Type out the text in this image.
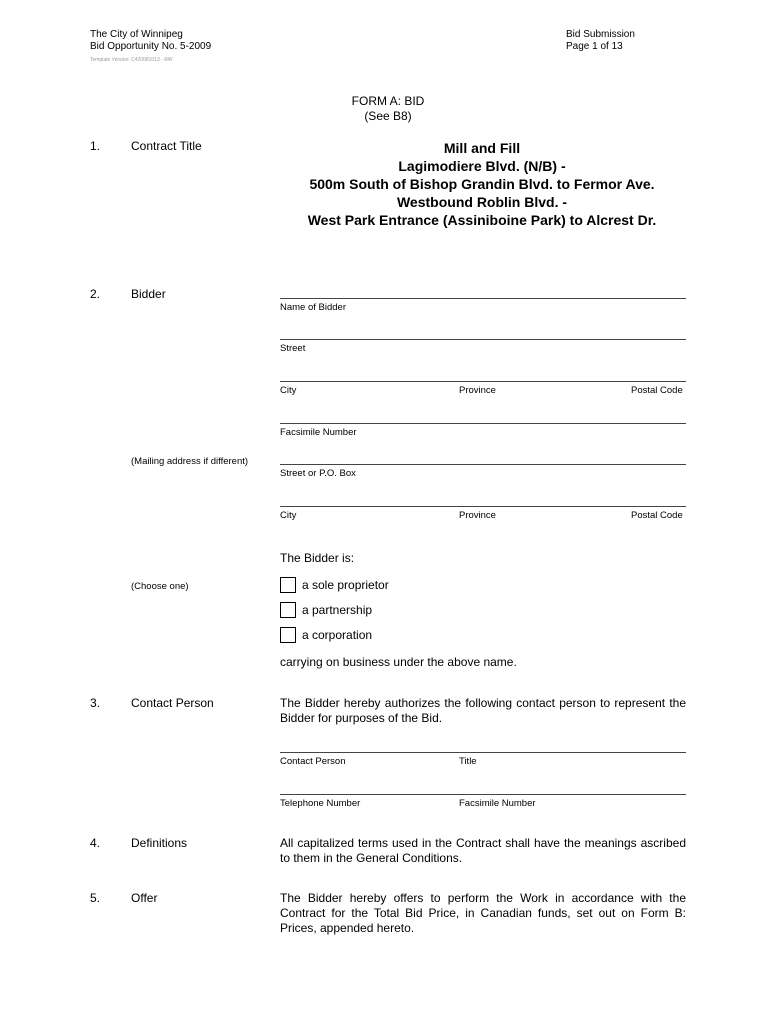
The City of Winnipeg
Bid Opportunity No. 5-2009
Template Version: C420081013 - RW
Bid Submission
Page 1 of 13
FORM A: BID
(See B8)
1.	Contract Title	Mill and Fill
Lagimodiere Blvd. (N/B) -
500m South of Bishop Grandin Blvd. to Fermor Ave.
Westbound Roblin Blvd. -
West Park Entrance (Assiniboine Park) to Alcrest Dr.
2.	Bidder
Name of Bidder
Street
City	Province	Postal Code
Facsimile Number
(Mailing address if different)
Street or P.O. Box
City	Province	Postal Code
The Bidder is:
(Choose one)	a sole proprietor
a partnership
a corporation
carrying on business under the above name.
3.	Contact Person	The Bidder hereby authorizes the following contact person to represent the Bidder for purposes of the Bid.
Contact Person	Title
Telephone Number	Facsimile Number
4.	Definitions	All capitalized terms used in the Contract shall have the meanings ascribed to them in the General Conditions.
5.	Offer	The Bidder hereby offers to perform the Work in accordance with the Contract for the Total Bid Price, in Canadian funds, set out on Form B: Prices, appended hereto.
